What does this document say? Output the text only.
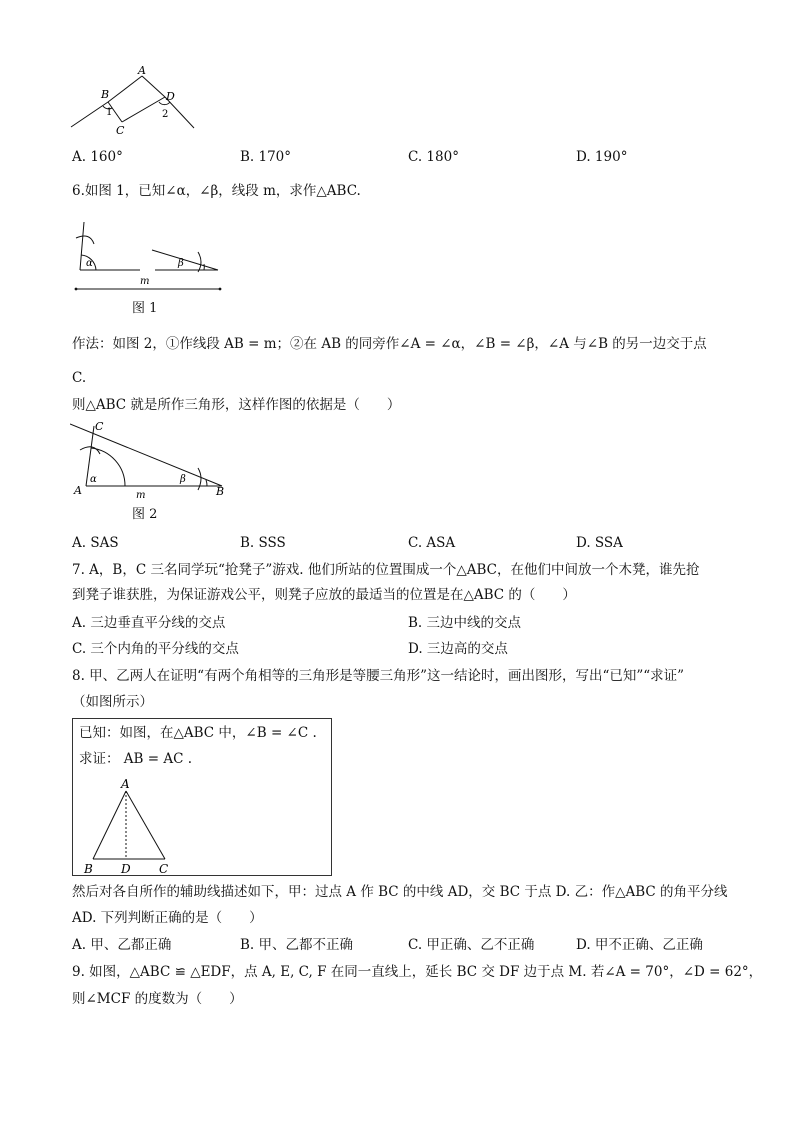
A
B
C
D
1	2
A. 160°	B. 170°	C. 180°	D. 190°
6.如图 1，已知∠α，∠β，线段 m，求作△ABC.
α	β
m
图 1
作法：如图 2，①作线段 AB = m；②在 AB 的同旁作∠A = ∠α，∠B = ∠β，∠A 与∠B 的另一边交于点
C.
则△ABC 就是所作三角形，这样作图的依据是（　　）
A	B
C
α	β
m
图 2
A. SAS	B. SSS	C. ASA	D. SSA
7. A，B，C 三名同学玩“抢凳子”游戏. 他们所站的位置围成一个△ABC，在他们中间放一个木凳，谁先抢
到凳子谁获胜，为保证游戏公平，则凳子应放的最适当的位置是在△ABC 的（　　）
A. 三边垂直平分线的交点	B. 三边中线的交点
C. 三个内角的平分线的交点	D. 三边高的交点
8. 甲、乙两人在证明“有两个角相等的三角形是等腰三角形”这一结论时，画出图形，写出“已知”“求证”
（如图所示）
已知：如图，在△ABC 中，∠B = ∠C .
求证： AB = AC .
A
B	C
D
然后对各自所作的辅助线描述如下，甲：过点 A 作 BC 的中线 AD，交 BC 于点 D. 乙：作△ABC 的角平分线
AD. 下列判断正确的是（　　）
A. 甲、乙都正确	B. 甲、乙都不正确	C. 甲正确、乙不正确	D. 甲不正确、乙正确
9. 如图，△ABC ≌ △EDF，点 A, E, C, F 在同一直线上，延长 BC 交 DF 边于点 M. 若∠A = 70°，∠D = 62°，
则∠MCF 的度数为（　　）
